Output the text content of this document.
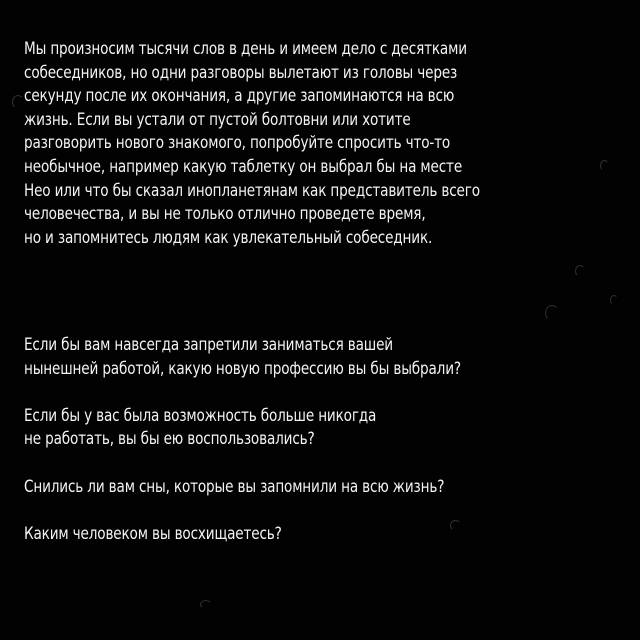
Мы произносим тысячи слов в день и имеем дело с десятками
собеседников, но одни разговоры вылетают из головы через
секунду после их окончания, а другие запоминаются на всю
жизнь. Если вы устали от пустой болтовни или хотите
разговорить нового знакомого, попробуйте спросить что-то
необычное, например какую таблетку он выбрал бы на месте
Нео или что бы сказал инопланетянам как представитель всего
человечества, и вы не только отлично проведете время,
но и запомнитесь людям как увлекательный собеседник.
Если бы вам навсегда запретили заниматься вашей
нынешней работой, какую новую профессию вы бы выбрали?
Если бы у вас была возможность больше никогда
не работать, вы бы ею воспользовались?
Снились ли вам сны, которые вы запомнили на всю жизнь?
Каким человеком вы восхищаетесь?
